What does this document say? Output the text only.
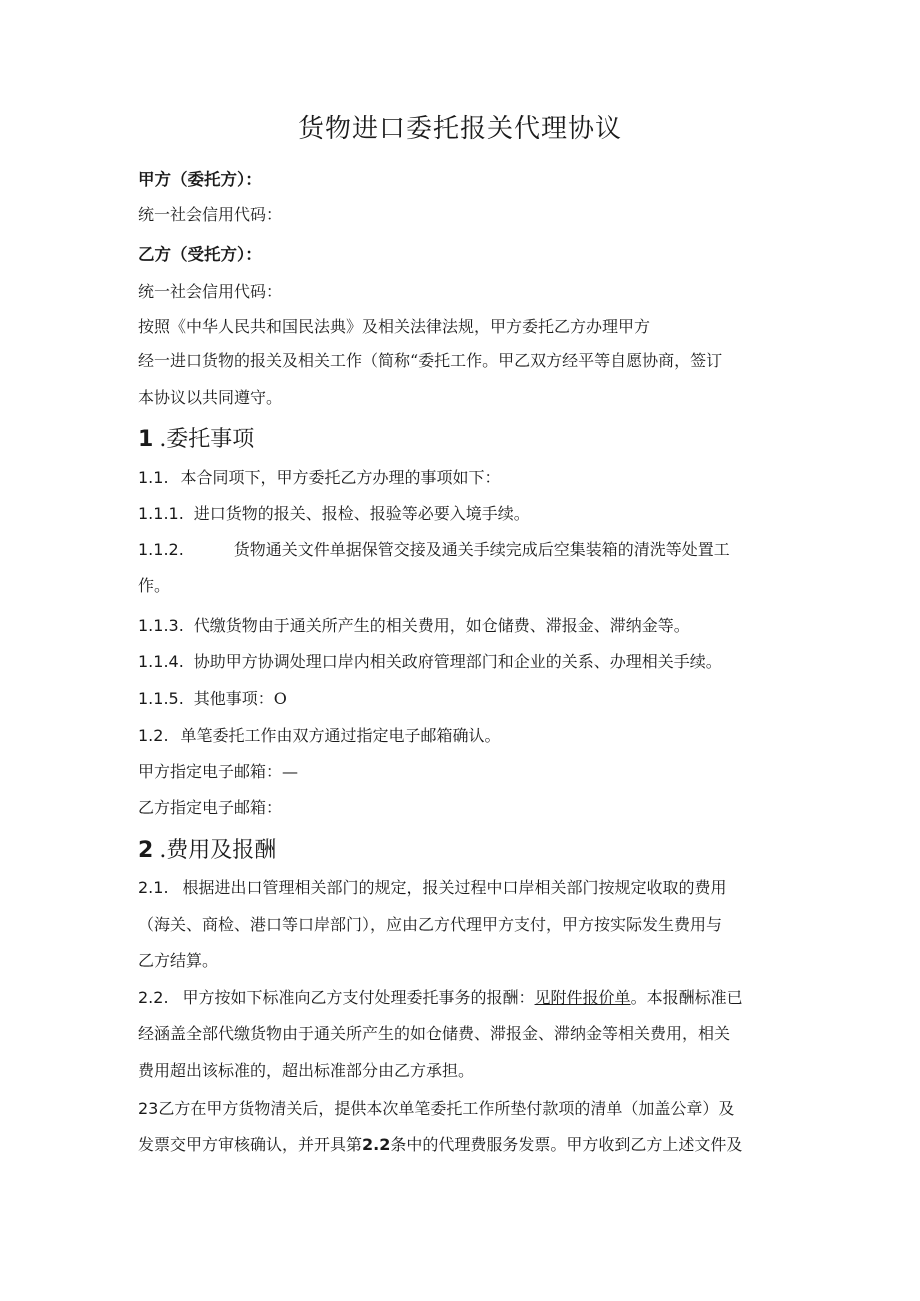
货物进口委托报关代理协议
甲方（委托方）：
统一社会信用代码：
乙方（受托方）：
统一社会信用代码：
按照《中华人民共和国民法典》及相关法律法规，甲方委托乙方办理甲方
经一进口货物的报关及相关工作（简称“委托工作。甲乙双方经平等自愿协商，签订
本协议以共同遵守。
1 .委托事项
1.1. 本合同项下，甲方委托乙方办理的事项如下：
1.1.1. 进口货物的报关、报检、报验等必要入境手续。
1.1.2.	货物通关文件单据保管交接及通关手续完成后空集装箱的清洗等处置工
作。
1.1.3. 代缴货物由于通关所产生的相关费用，如仓储费、滞报金、滞纳金等。
1.1.4. 协助甲方协调处理口岸内相关政府管理部门和企业的关系、办理相关手续。
1.1.5. 其他事项：O
1.2. 单笔委托工作由双方通过指定电子邮箱确认。
甲方指定电子邮箱：—
乙方指定电子邮箱：
2 .费用及报酬
2.1. 根据进出口管理相关部门的规定，报关过程中口岸相关部门按规定收取的费用
（海关、商检、港口等口岸部门），应由乙方代理甲方支付，甲方按实际发生费用与
乙方结算。
2.2. 甲方按如下标准向乙方支付处理委托事务的报酬：见附件报价单。本报酬标准已
经涵盖全部代缴货物由于通关所产生的如仓储费、滞报金、滞纳金等相关费用，相关
费用超出该标准的，超出标准部分由乙方承担。
23乙方在甲方货物清关后，提供本次单笔委托工作所垫付款项的清单（加盖公章）及
发票交甲方审核确认，并开具第2.2条中的代理费服务发票。甲方收到乙方上述文件及
